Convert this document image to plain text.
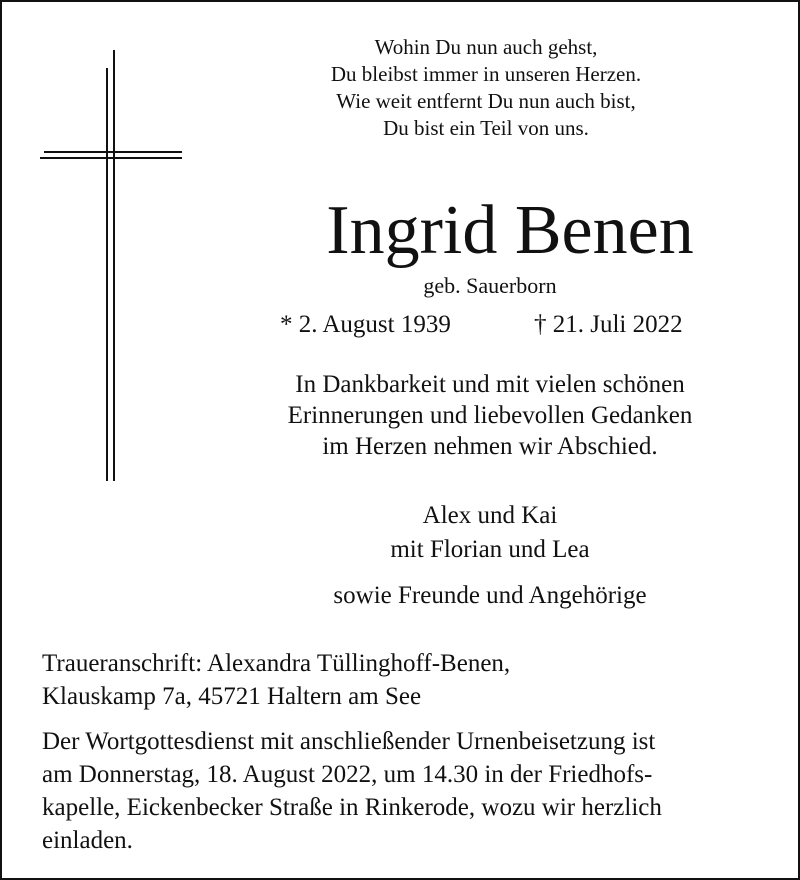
Wohin Du nun auch gehst,
Du bleibst immer in unseren Herzen.
Wie weit entfernt Du nun auch bist,
Du bist ein Teil von uns.
Ingrid Benen
geb. Sauerborn
* 2. August 1939	† 21. Juli 2022
In Dankbarkeit und mit vielen schönen
Erinnerungen und liebevollen Gedanken
im Herzen nehmen wir Abschied.
Alex und Kai
mit Florian und Lea
sowie Freunde und Angehörige
Traueranschrift: Alexandra Tüllinghoff-Benen,
Klauskamp 7a, 45721 Haltern am See
Der Wortgottesdienst mit anschließender Urnenbeisetzung ist
am Donnerstag, 18. August 2022, um 14.30 in der Friedhofs-
kapelle, Eickenbecker Straße in Rinkerode, wozu wir herzlich
einladen.
